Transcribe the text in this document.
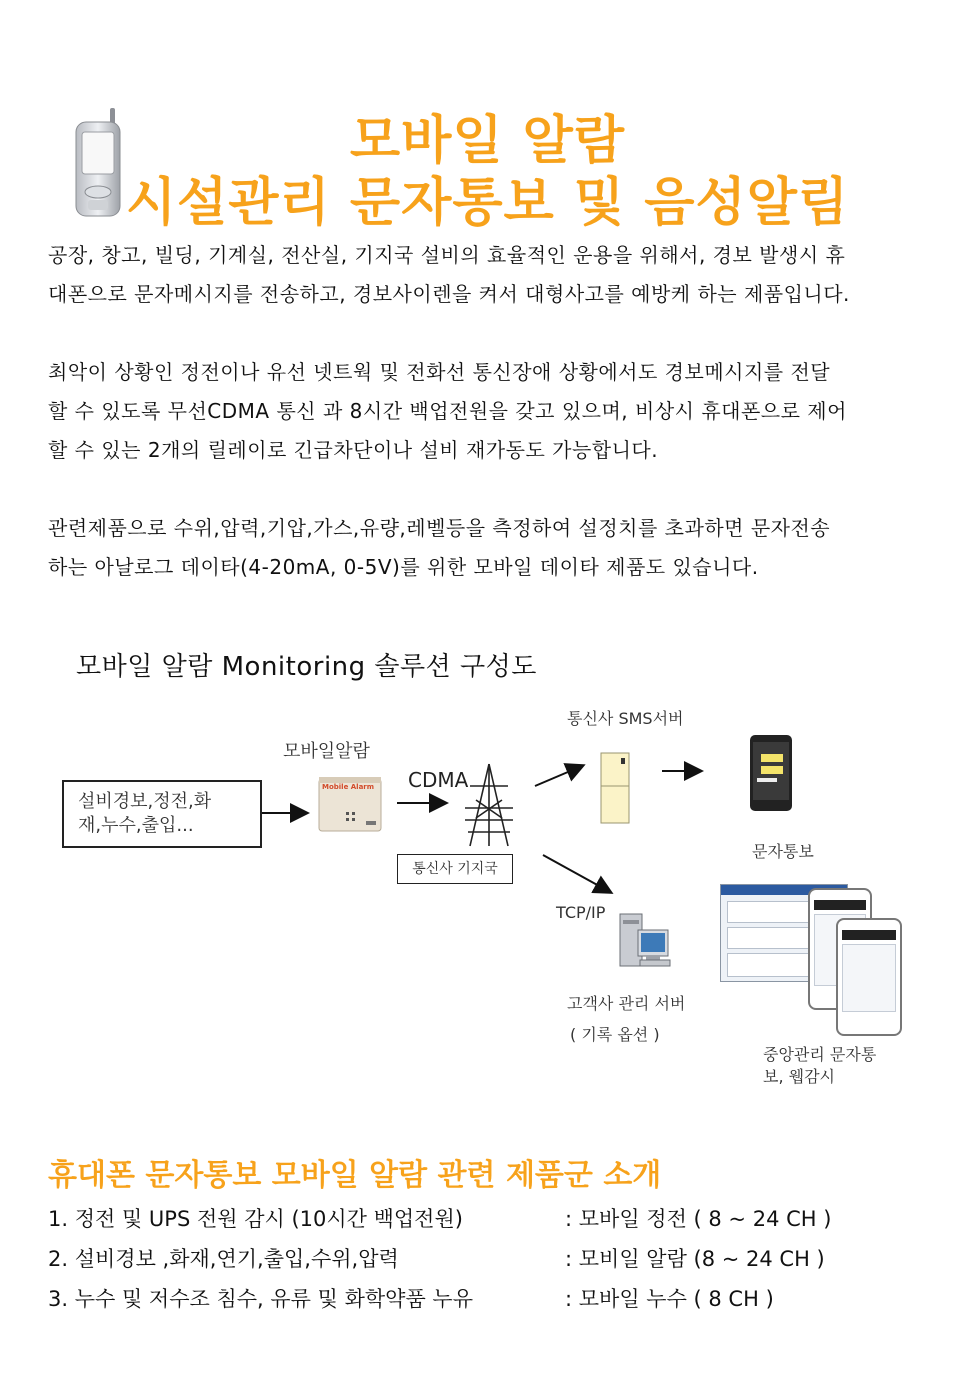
모바일 알람
시설관리 문자통보 및 음성알림
공장, 창고, 빌딩, 기계실, 전산실, 기지국 설비의 효율적인 운용을 위해서, 경보 발생시 휴
대폰으로 문자메시지를 전송하고, 경보사이렌을 켜서 대형사고를 예방케 하는 제품입니다.
최악이 상황인 정전이나 유선 넷트웍 및 전화선 통신장애 상황에서도 경보메시지를 전달
할 수 있도록 무선CDMA 통신 과 8시간 백업전원을 갖고 있으며, 비상시 휴대폰으로 제어
할 수 있는 2개의 릴레이로 긴급차단이나 설비 재가동도 가능합니다.
관련제품으로 수위,압력,기압,가스,유량,레벨등을 측정하여 설정치를 초과하면 문자전송
하는 아날로그 데이타(4-20mA, 0-5V)를 위한 모바일 데이타 제품도 있습니다.
모바일 알람 Monitoring 솔루션 구성도
설비경보,정전,화
재,누수,출입...
모바일알람
Mobile Alarm CDMA
통신사 기지국
통신사 SMS서버
문자통보
TCP/IP
고객사 관리 서버
( 기록 옵션 )
중앙관리 문자통
보, 웹감시
휴대폰 문자통보 모바일 알람 관련 제품군 소개
1. 정전 및 UPS 전원 감시 (10시간 백업전원)	: 모바일 정전 ( 8 ~ 24 CH )
2. 설비경보 ,화재,연기,출입,수위,압력	: 모비일 알람 (8 ~ 24 CH )
3. 누수 및 저수조 침수, 유류 및 화학약품 누유	: 모바일 누수 ( 8 CH )
